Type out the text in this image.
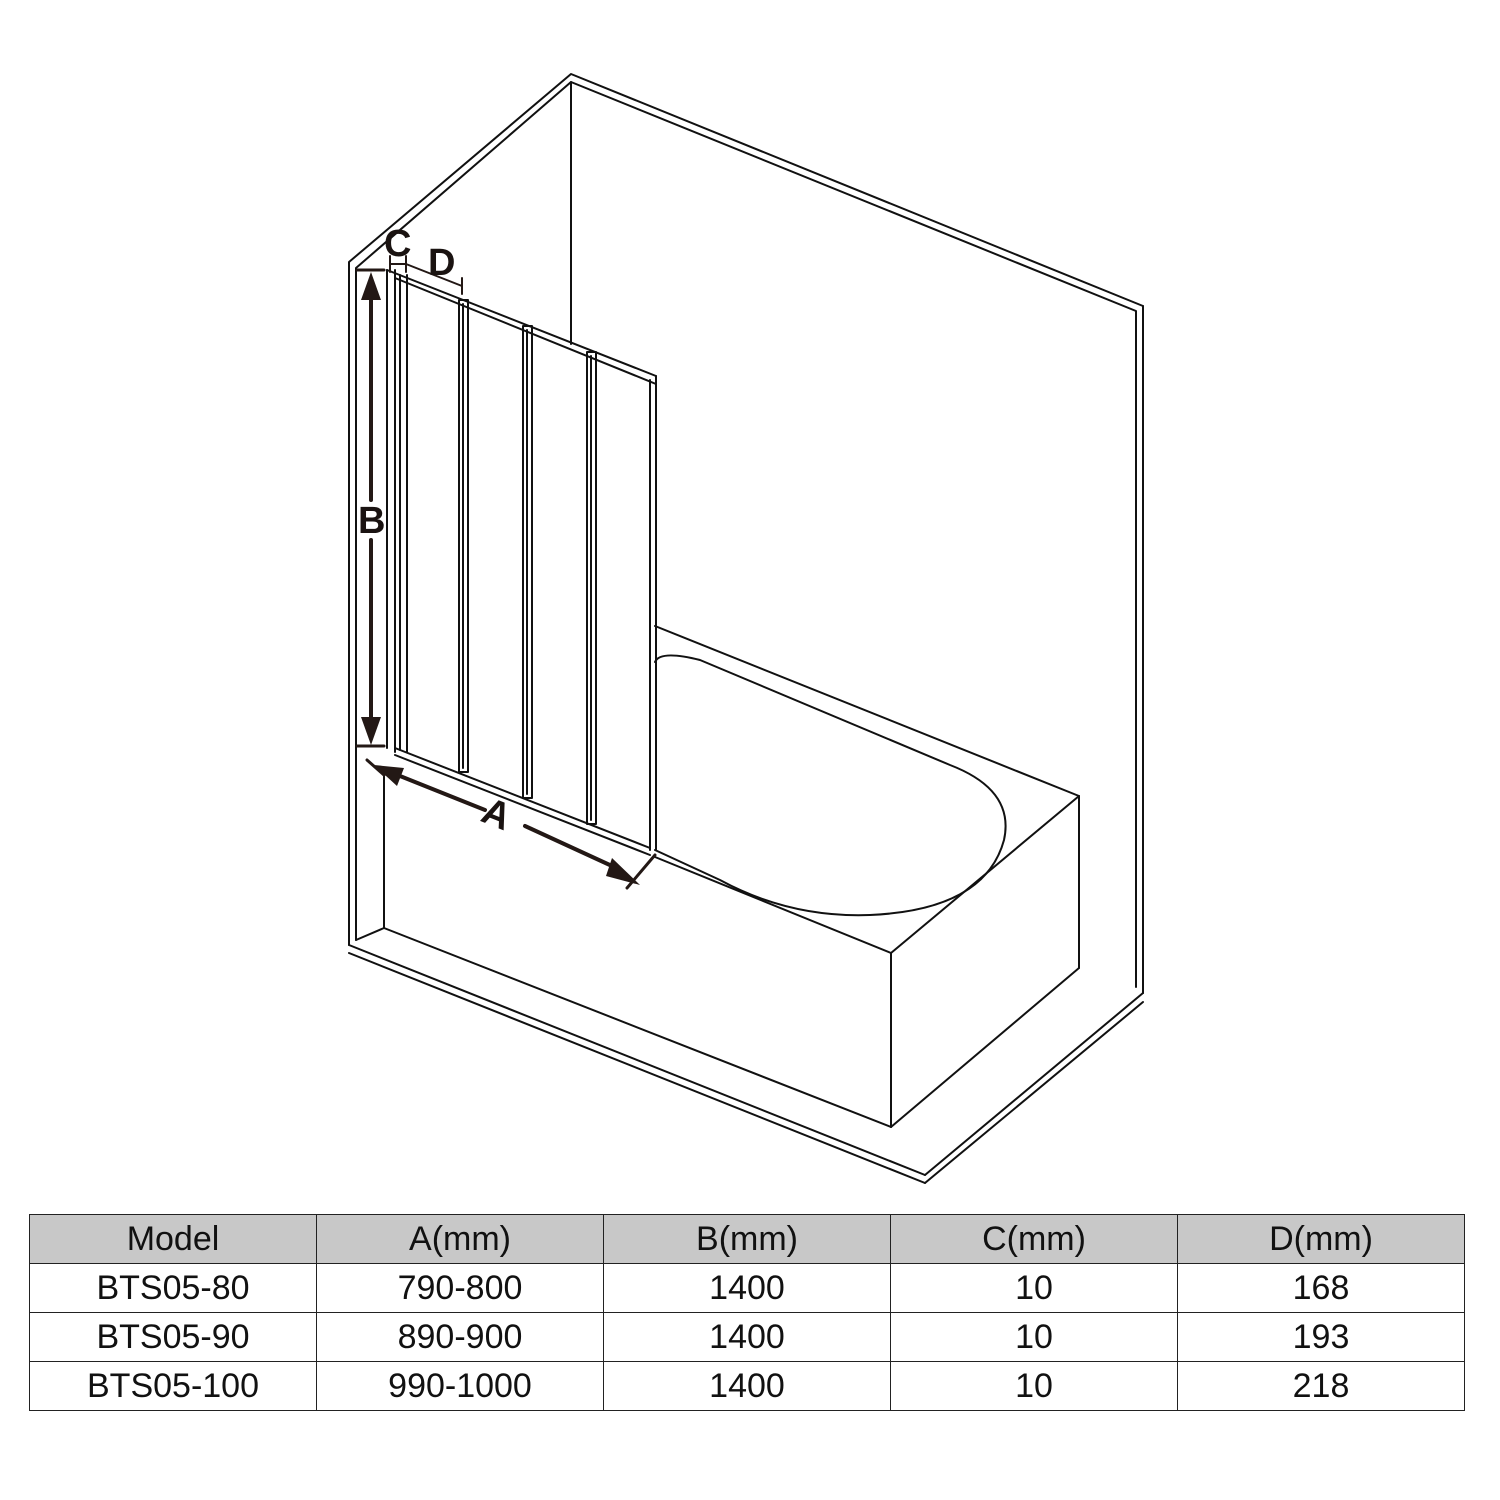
B
C D
A
Model	A(mm)	B(mm)	C(mm)	D(mm)
BTS05-80	790-800	1400	10	168
BTS05-90	890-900	1400	10	193
BTS05-100	990-1000	1400	10	218
